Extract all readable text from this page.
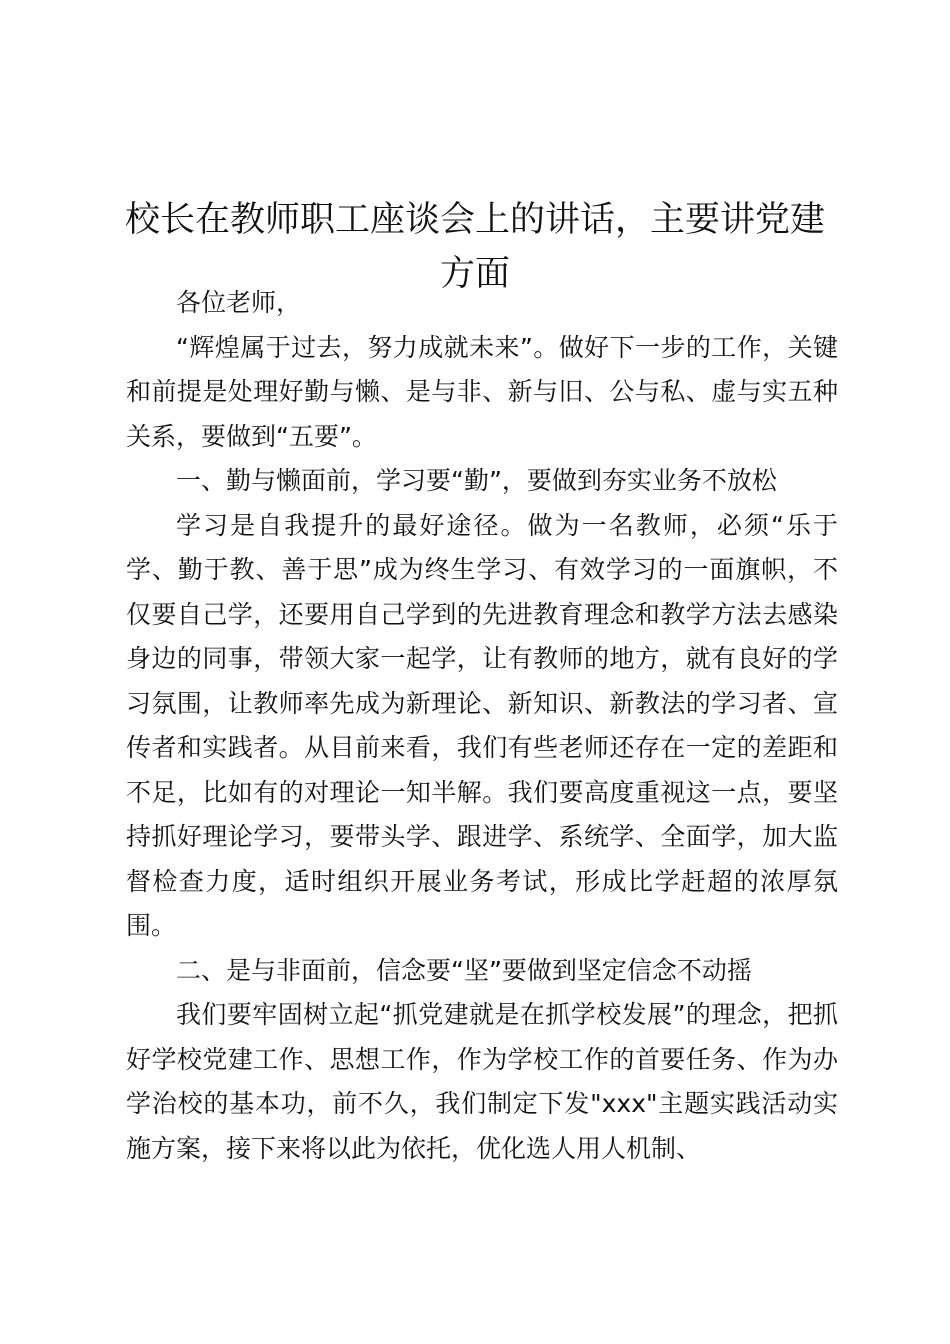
校长在教师职工座谈会上的讲话，主要讲党建方面

各位老师，

“辉煌属于过去，努力成就未来”。做好下一步的工作，关键和前提是处理好勤与懒、是与非、新与旧、公与私、虚与实五种关系，要做到“五要”。

一、勤与懒面前，学习要“勤”，要做到夯实业务不放松

学习是自我提升的最好途径。做为一名教师，必须“乐于学、勤于教、善于思”成为终生学习、有效学习的一面旗帜，不仅要自己学，还要用自己学到的先进教育理念和教学方法去感染身边的同事，带领大家一起学，让有教师的地方，就有良好的学习氛围，让教师率先成为新理论、新知识、新教法的学习者、宣传者和实践者。从目前来看，我们有些老师还存在一定的差距和不足，比如有的对理论一知半解。我们要高度重视这一点，要坚持抓好理论学习，要带头学、跟进学、系统学、全面学，加大监督检查力度，适时组织开展业务考试，形成比学赶超的浓厚氛围。

二、是与非面前，信念要“坚”要做到坚定信念不动摇

我们要牢固树立起“抓党建就是在抓学校发展”的理念，把抓好学校党建工作、思想工作，作为学校工作的首要任务、作为办学治校的基本功，前不久，我们制定下发"xxx"主题实践活动实施方案，接下来将以此为依托，优化选人用人机制、
